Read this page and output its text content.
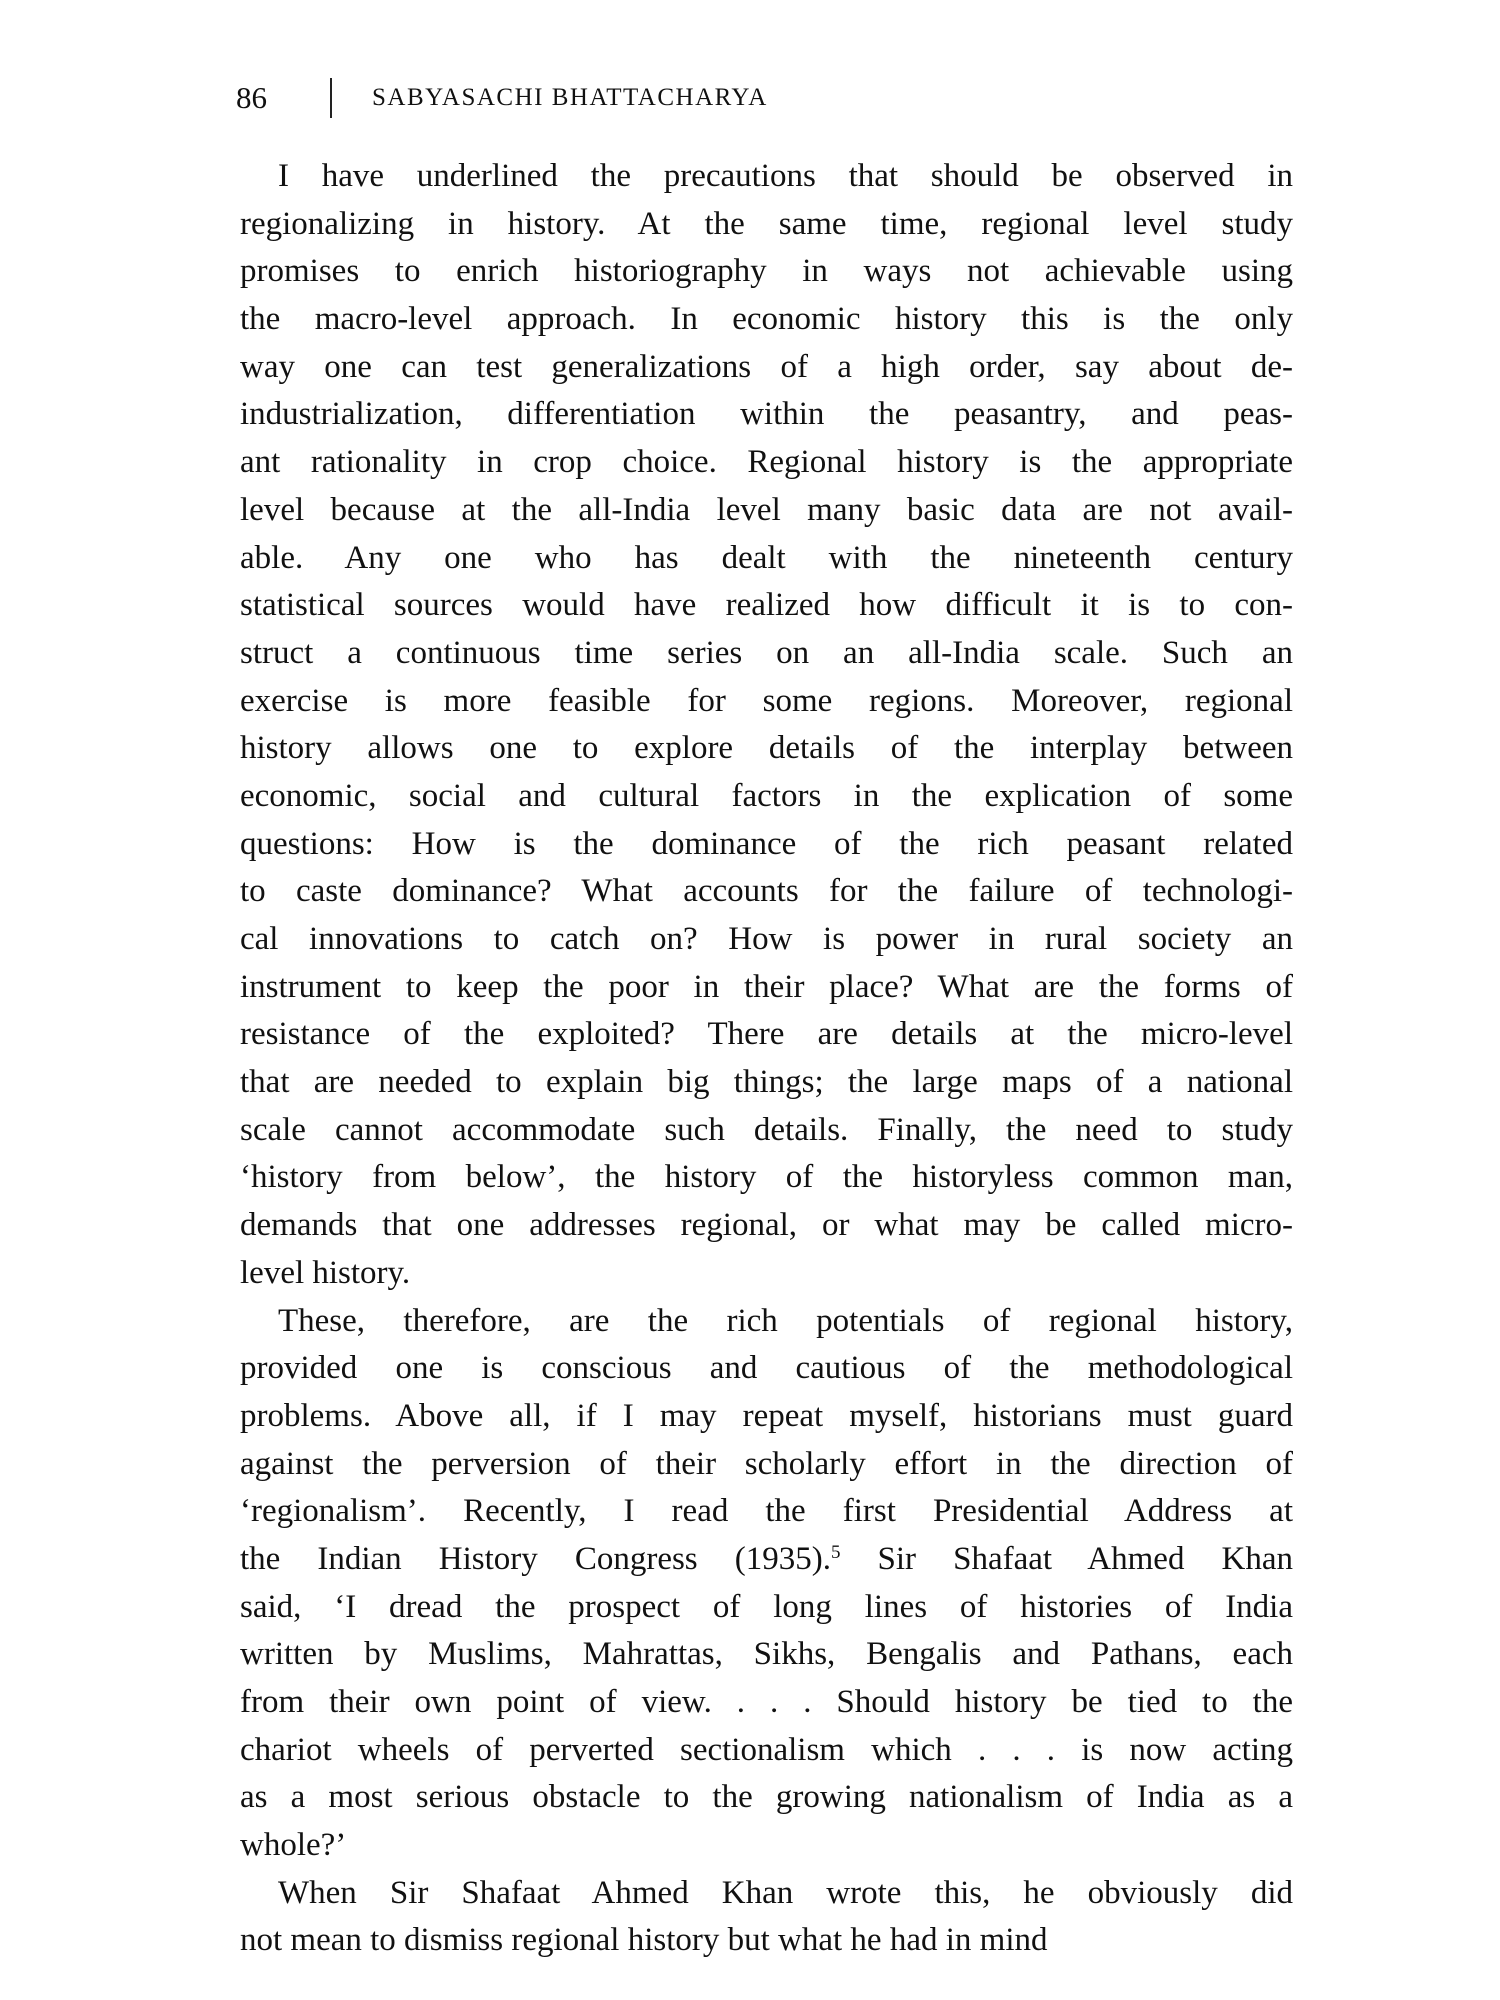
86	SABYASACHI BHATTACHARYA
I have underlined the precautions that should be observed in
regionalizing in history. At the same time, regional level study
promises to enrich historiography in ways not achievable using
the macro-level approach. In economic history this is the only
way one can test generalizations of a high order, say about de-
industrialization, differentiation within the peasantry, and peas-
ant rationality in crop choice. Regional history is the appropriate
level because at the all-India level many basic data are not avail-
able. Any one who has dealt with the nineteenth century
statistical sources would have realized how difficult it is to con-
struct a continuous time series on an all-India scale. Such an
exercise is more feasible for some regions. Moreover, regional
history allows one to explore details of the interplay between
economic, social and cultural factors in the explication of some
questions: How is the dominance of the rich peasant related
to caste dominance? What accounts for the failure of technologi-
cal innovations to catch on? How is power in rural society an
instrument to keep the poor in their place? What are the forms of
resistance of the exploited? There are details at the micro-level
that are needed to explain big things; the large maps of a national
scale cannot accommodate such details. Finally, the need to study
‘history from below’, the history of the historyless common man,
demands that one addresses regional, or what may be called micro-
level history.
These, therefore, are the rich potentials of regional history,
provided one is conscious and cautious of the methodological
problems. Above all, if I may repeat myself, historians must guard
against the perversion of their scholarly effort in the direction of
‘regionalism’. Recently, I read the first Presidential Address at
the Indian History Congress (1935).$^5$ Sir Shafaat Ahmed Khan
said, ‘I dread the prospect of long lines of histories of India
written by Muslims, Mahrattas, Sikhs, Bengalis and Pathans, each
from their own point of view. . . . Should history be tied to the
chariot wheels of perverted sectionalism which . . . is now acting
as a most serious obstacle to the growing nationalism of India as a
whole?’
When Sir Shafaat Ahmed Khan wrote this, he obviously did
not mean to dismiss regional history but what he had in mind
